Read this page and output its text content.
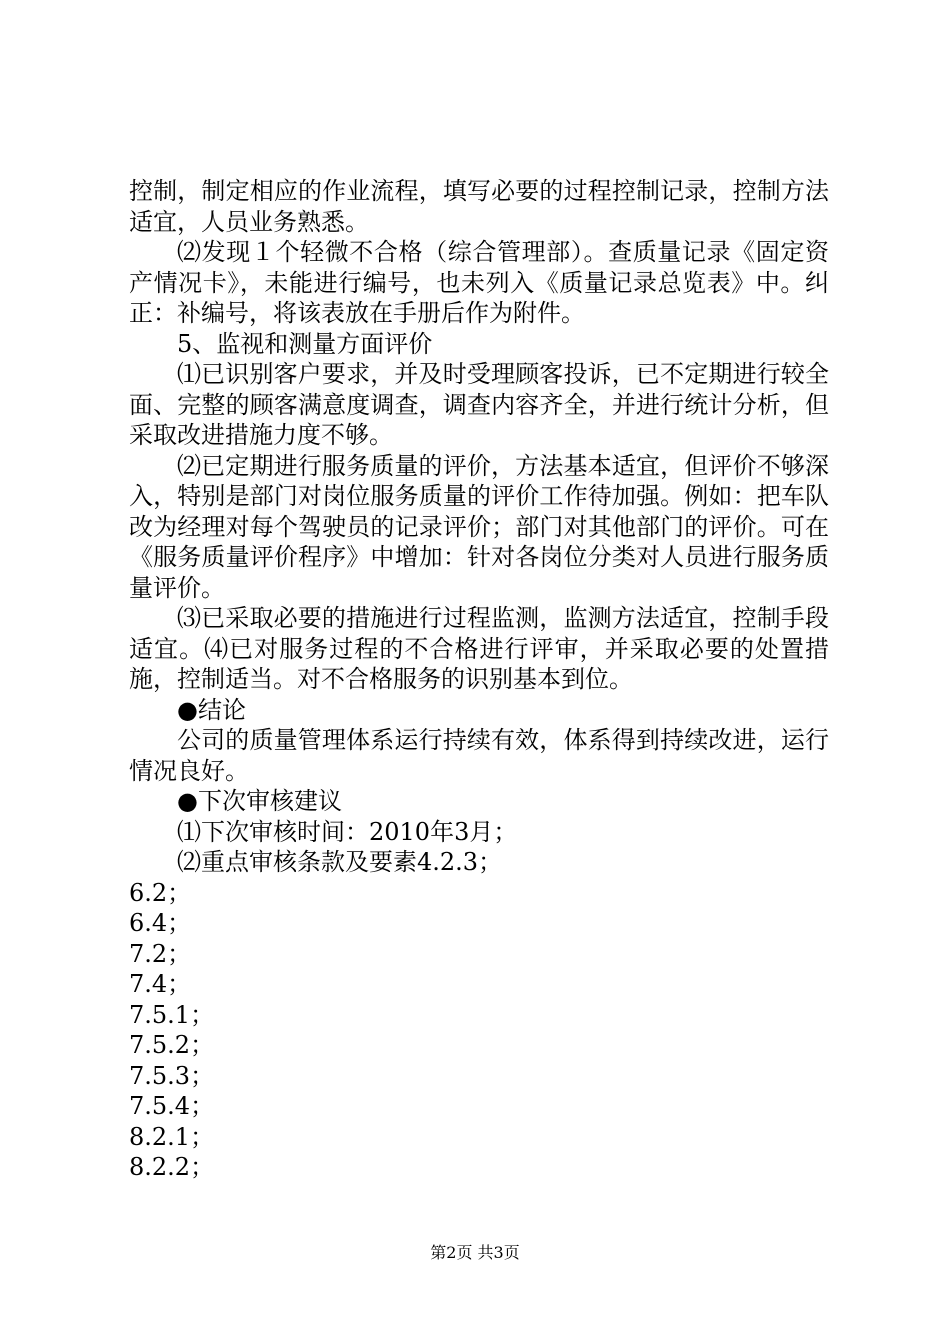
控制，制定相应的作业流程，填写必要的过程控制记录，控制方法适宜，人员业务熟悉。

⑵发现１个轻微不合格（综合管理部）。查质量记录《固定资产情况卡》，未能进行编号，也未列入《质量记录总览表》中。纠正：补编号，将该表放在手册后作为附件。

5、监视和测量方面评价

⑴已识别客户要求，并及时受理顾客投诉，已不定期进行较全面、完整的顾客满意度调查，调查内容齐全，并进行统计分析，但采取改进措施力度不够。

⑵已定期进行服务质量的评价，方法基本适宜，但评价不够深入，特别是部门对岗位服务质量的评价工作待加强。例如：把车队改为经理对每个驾驶员的记录评价；部门对其他部门的评价。可在《服务质量评价程序》中增加：针对各岗位分类对人员进行服务质量评价。

⑶已采取必要的措施进行过程监测，监测方法适宜，控制手段适宜。⑷已对服务过程的不合格进行评审，并采取必要的处置措施，控制适当。对不合格服务的识别基本到位。

●结论

公司的质量管理体系运行持续有效，体系得到持续改进，运行情况良好。

●下次审核建议

⑴下次审核时间：2010年3月；

⑵重点审核条款及要素4.2.3；

6.2；

6.4；

7.2；

7.4；

7.5.1；

7.5.2；

7.5.3；

7.5.4；

8.2.1；

8.2.2；

第2页 共3页
